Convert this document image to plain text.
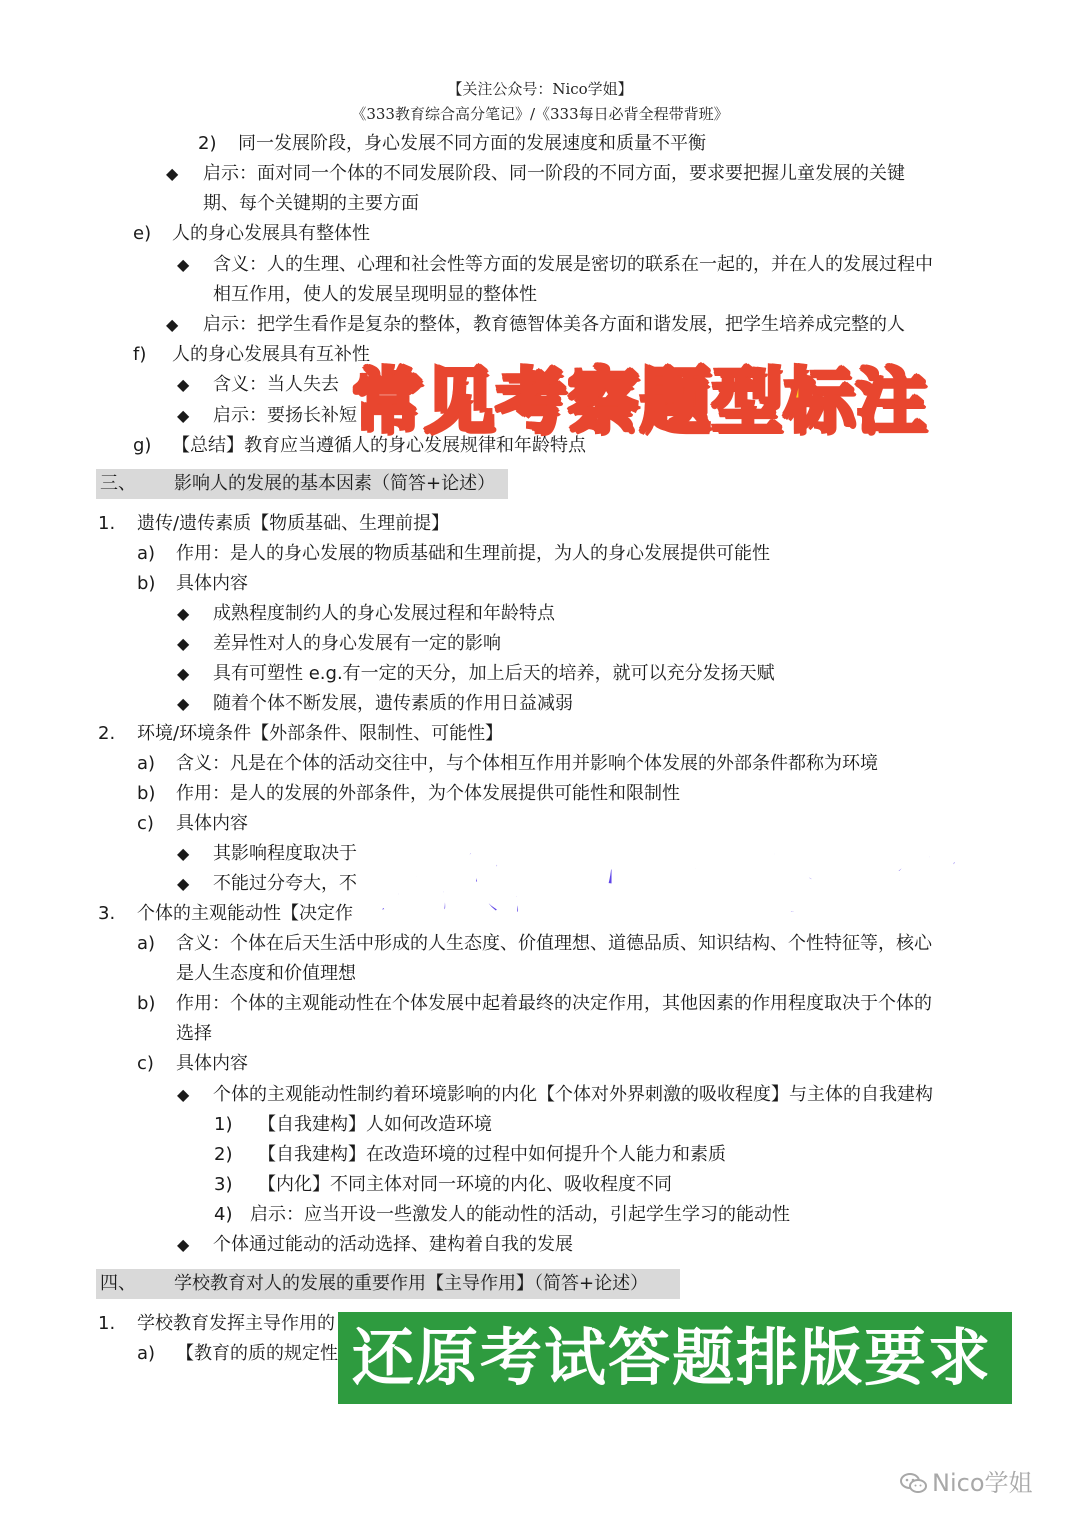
【关注公众号：Nico学姐】
《333教育综合高分笔记》/《333每日必背全程带背班》
2) 同一发展阶段，身心发展不同方面的发展速度和质量不平衡
◆ 启示：面对同一个体的不同发展阶段、同一阶段的不同方面，要求要把握儿童发展的关键
期、每个关键期的主要方面
e) 人的身心发展具有整体性
◆ 含义：人的生理、心理和社会性等方面的发展是密切的联系在一起的，并在人的发展过程中
相互作用，使人的发展呈现明显的整体性
◆ 启示：把学生看作是复杂的整体，教育德智体美各方面和谐发展，把学生培养成完整的人
f) 人的身心发展具有互补性
◆ 含义：当人失去
◆ 启示：要扬长补短
g) 【总结】教育应当遵循人的身心发展规律和年龄特点
三、 影响人的发展的基本因素（简答+论述）
1. 遗传/遗传素质【物质基础、生理前提】
a) 作用：是人的身心发展的物质基础和生理前提，为人的身心发展提供可能性
b) 具体内容
◆ 成熟程度制约人的身心发展过程和年龄特点
◆ 差异性对人的身心发展有一定的影响
◆ 具有可塑性 e.g.有一定的天分，加上后天的培养，就可以充分发扬天赋
◆ 随着个体不断发展，遗传素质的作用日益减弱
2. 环境/环境条件【外部条件、限制性、可能性】
a) 含义：凡是在个体的活动交往中，与个体相互作用并影响个体发展的外部条件都称为环境
b) 作用：是人的发展的外部条件，为个体发展提供可能性和限制性
c) 具体内容
◆ 其影响程度取决于
◆ 不能过分夸大，不
3. 个体的主观能动性【决定作
a) 含义：个体在后天生活中形成的人生态度、价值理想、道德品质、知识结构、个性特征等，核心
是人生态度和价值理想
b) 作用：个体的主观能动性在个体发展中起着最终的决定作用，其他因素的作用程度取决于个体的
选择
c) 具体内容
◆ 个体的主观能动性制约着环境影响的内化【个体对外界刺激的吸收程度】与主体的自我建构
1) 【自我建构】人如何改造环境
2) 【自我建构】在改造环境的过程中如何提升个人能力和素质
3) 【内化】不同主体对同一环境的内化、吸收程度不同
4) 启示：应当开设一些激发人的能动性的活动，引起学生学习的能动性
◆ 个体通过能动的活动选择、建构着自我的发展
四、 学校教育对人的发展的重要作用【主导作用】（简答+论述）
1. 学校教育发挥主导作用的
a) 【教育的质的规定性
常见考察题型标注
层次清晰 得分点完整
还原考试答题排版要求
Nico学姐
